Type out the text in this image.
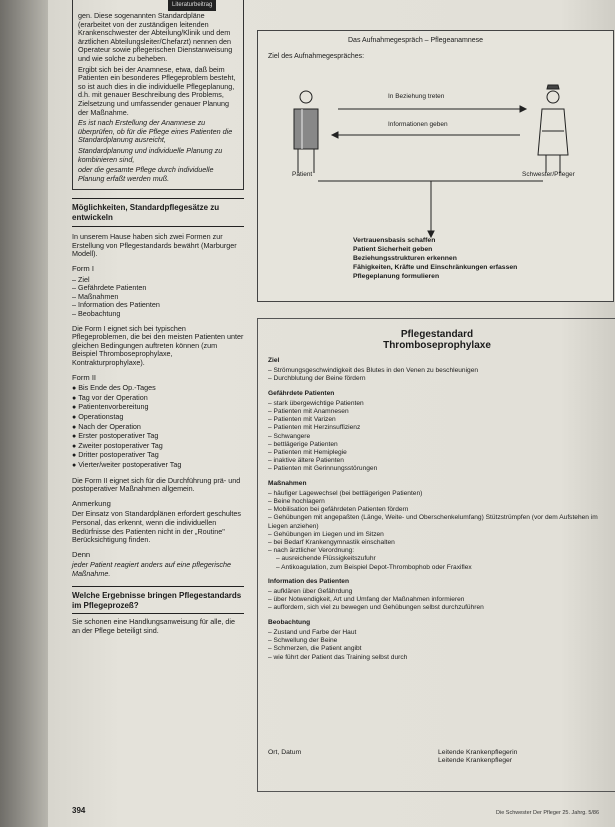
Literaturbeitrag

gen. Diese sogenannten Standardpläne (erarbeitet von der zuständigen leitenden Krankenschwester der Abteilung/Klinik und dem ärztlichen Abteilungsleiter/Chefarzt) nennen den Operateur sowie pflegerischen Dienstanweisung und wie solche zu beheben.

Ergibt sich bei der Anamnese, etwa, daß beim Patienten ein besonderes Pflegeproblem besteht, so ist auch dies in die individuelle Pflegeplanung, d.h. mit genauer Beschreibung des Problems, Zielsetzung und umfassender genauer Planung der Maßnahme.

Es ist nach Erstellung der Anamnese zu überprüfen, ob für die Pflege eines Patienten die Standardplanung ausreicht,

Standardplanung und individuelle Planung zu kombinieren sind,

oder die gesamte Pflege durch individuelle Planung erfaßt werden muß.

Möglichkeiten, Standardpflegesätze zu entwickeln
In unserem Hause haben sich zwei Formen zur Erstellung von Pflegestandards bewährt (Marburger Modell).
Form I
– Ziel
– Gefährdete Patienten
– Maßnahmen
– Information des Patienten
– Beobachtung
Die Form I eignet sich bei typischen Pflegeproblemen, die bei den meisten Patienten unter gleichen Bedingungen auftreten können (zum Beispiel Thromboseprophylaxe, Kontrakturprophylaxe).
Form II
● Bis Ende des Op.-Tages
● Tag vor der Operation
● Patientenvorbereitung
● Operationstag
● Nach der Operation
● Erster postoperativer Tag
● Zweiter postoperativer Tag
● Dritter postoperativer Tag
● Vierter/weiter postoperativer Tag
Die Form II eignet sich für die Durchführung prä- und postoperativer Maßnahmen allgemein.
Anmerkung
Der Einsatz von Standardplänen erfordert geschultes Personal, das erkennt, wenn die individuellen Bedürfnisse des Patienten nicht in der „Routine" Berücksichtigung finden.
Denn
jeder Patient reagiert anders auf eine pflegerische Maßnahme.
Welche Ergebnisse bringen Pflegestandards im Pflegeprozeß?
Sie schonen eine Handlungsanweisung für alle, die an der Pflege beteiligt sind.
394
Das Aufnahmegespräch – Pflegeanamnese
Ziel des Aufnahmegespräches:
In Beziehung treten
Informationen geben
Patient	Schwester/Pfleger
Vertrauensbasis schaffen
Patient Sicherheit geben
Beziehungsstrukturen erkennen
Fähigkeiten, Kräfte und Einschränkungen erfassen
Pflegeplanung formulieren
Pflegestandard
Thromboseprophylaxe
Ziel
– Strömungsgeschwindigkeit des Blutes in den Venen zu beschleunigen
– Durchblutung der Beine fördern
Gefährdete Patienten
– stark übergewichtige Patienten
– Patienten mit Anamnesen
– Patienten mit Varizen
– Patienten mit Herzinsuffizienz
– Schwangere
– bettlägerige Patienten
– Patienten mit Hemiplegie
– inaktive ältere Patienten
– Patienten mit Gerinnungsstörungen
Maßnahmen
– häufiger Lagewechsel (bei bettlägerigen Patienten)
– Beine hochlagern
– Mobilisation bei gefährdeten Patienten fördern
– Gehübungen mit angepaßten (Länge, Weite- und Oberschenkelumfang) Stützstrümpfen (vor dem Aufstehen im Liegen anziehen)
– Gehübungen im Liegen und im Sitzen
– bei Bedarf Krankengymnastik einschalten
– nach ärztlicher Verordnung:
– ausreichende Flüssigkeitszufuhr
– Antikoagulation, zum Beispiel Depot-Thrombophob oder Fraxiflex
Information des Patienten
– aufklären über Gefährdung
– über Notwendigkeit, Art und Umfang der Maßnahmen informieren
– auffordern, sich viel zu bewegen und Gehübungen selbst durchzuführen
Beobachtung
– Zustand und Farbe der Haut
– Schwellung der Beine
– Schmerzen, die Patient angibt
– wie führt der Patient das Training selbst durch
Ort, Datum	Leitende Krankenpflegerin
Leitende Krankenpfleger
Die Schwester Der Pfleger 25. Jahrg. 5/86
